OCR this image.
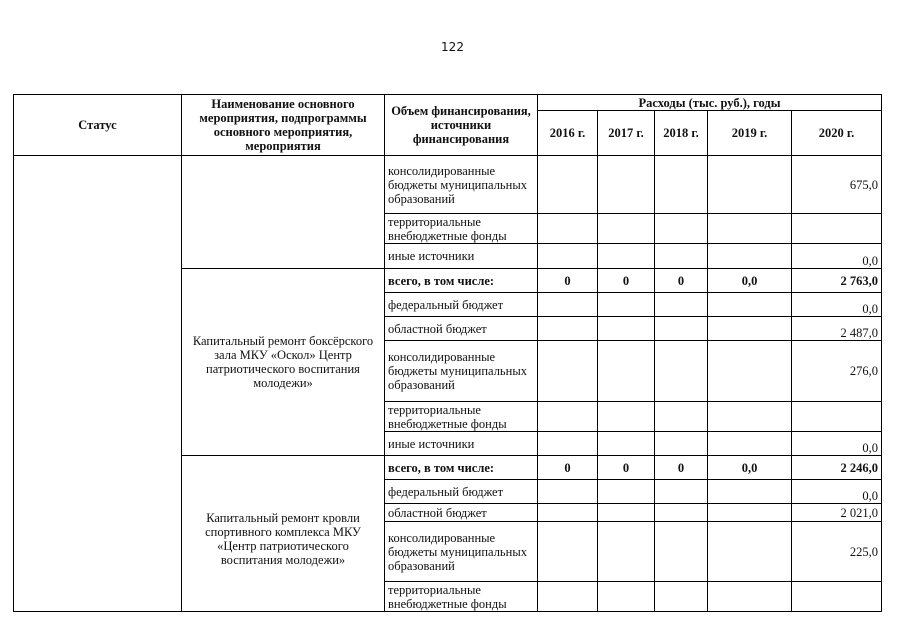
122
Статус	Наименование основного мероприятия, подпрограммы основного мероприятия, мероприятия	Объем финансирования, источники финансирования	Расходы (тыс. руб.), годы				
			2016 г.	2017 г.	2018 г.	2019 г.	2020 г.
		консолидированные бюджеты муниципальных образований					675,0
		территориальные внебюджетные фонды					
		иные источники					0,0
	Капитальный ремонт боксёрского зала МКУ «Оскол» Центр патриотического воспитания молодежи»	всего, в том числе:	0	0	0	0,0	2 763,0
		федеральный бюджет					0,0
		областной бюджет					2 487,0
		консолидированные бюджеты муниципальных образований					276,0
		территориальные внебюджетные фонды					
		иные источники					0,0
	Капитальный ремонт кровли спортивного комплекса МКУ «Центр патриотического воспитания молодежи»	всего, в том числе:	0	0	0	0,0	2 246,0
		федеральный бюджет					0,0
		областной бюджет					2 021,0
		консолидированные бюджеты муниципальных образований					225,0
		территориальные внебюджетные фонды					
